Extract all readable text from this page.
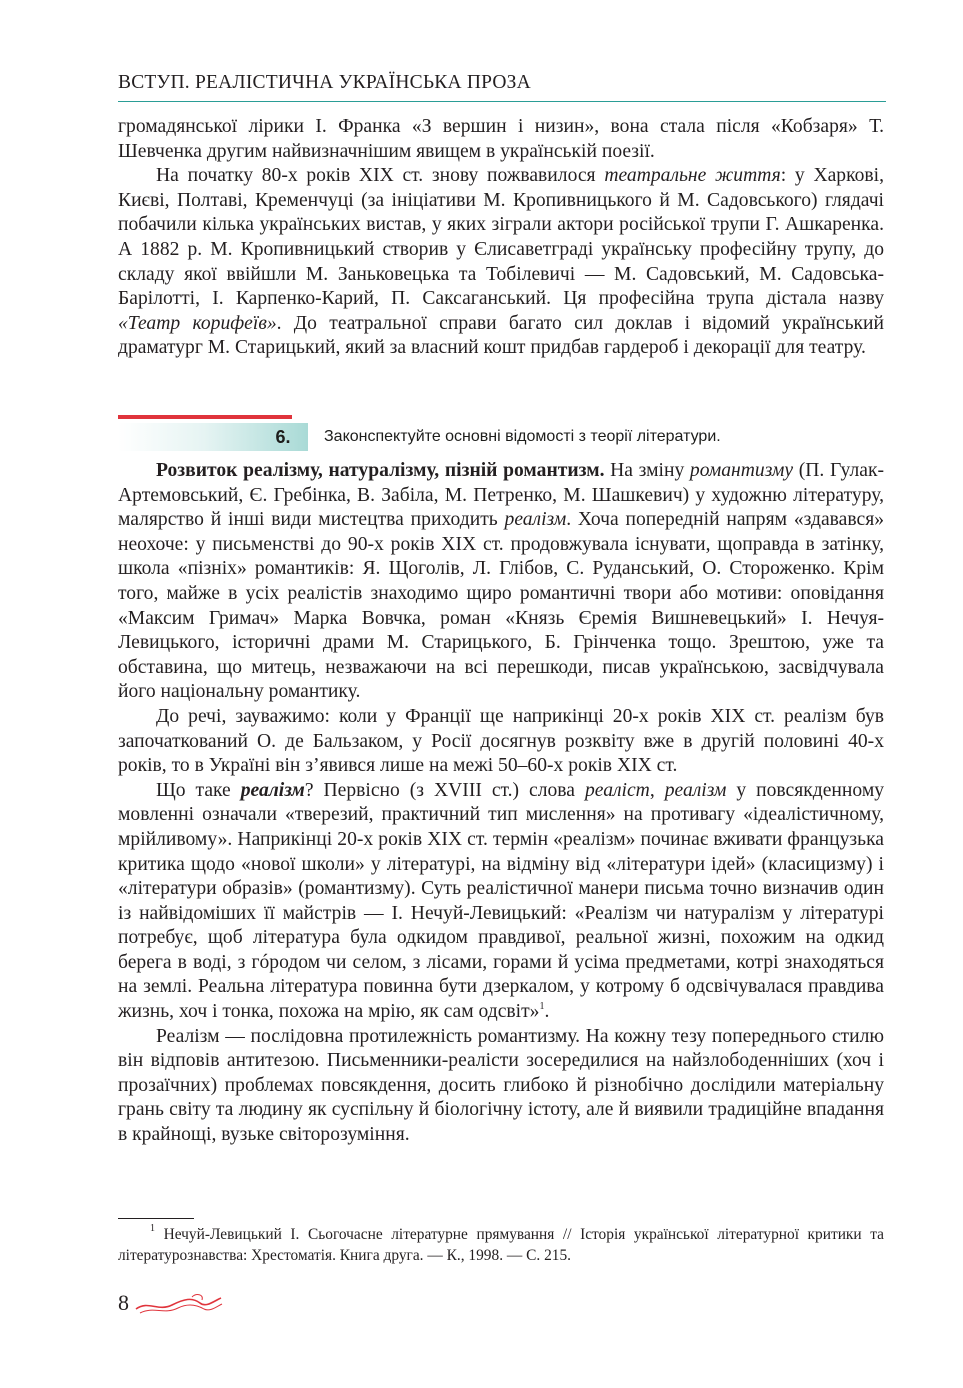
ВСТУП. РЕАЛІСТИЧНА УКРАЇНСЬКА ПРОЗА

громадянської лірики І. Франка «З вершин і низин», вона стала після «Кобзаря» Т. Шевченка другим найвизначнішим явищем в українській поезії.

На початку 80-х років ХІХ ст. знову пожвавилося театральне життя: у Харкові, Києві, Полтаві, Кременчуці (за ініціативи М. Кропивницького й М. Садовського) глядачі побачили кілька українських вистав, у яких зіграли актори російської трупи Г. Ашкаренка. А 1882 р. М. Кропивницький створив у Єлисаветграді українську професійну трупу, до складу якої ввійшли М. Заньковецька та Тобілевичі — М. Садовський, М. Садовська-Барілотті, І. Карпенко-Карий, П. Саксаганський. Ця професійна трупа дістала назву «Театр корифеїв». До театральної справи багато сил доклав і відомий український драматург М. Старицький, який за власний кошт придбав гардероб і декорації для театру.

6.	Законспектуйте основні відомості з теорії літератури.

Розвиток реалізму, натуралізму, пізній романтизм. На зміну романтизму (П. Гулак-Артемовський, Є. Гребінка, В. Забіла, М. Петренко, М. Шашкевич) у художню літературу, малярство й інші види мистецтва приходить реалізм. Хоча попередній напрям «здавався» неохоче: у письменстві до 90-х років ХІХ ст. продовжувала існувати, щоправда в затінку, школа «пізніх» романтиків: Я. Щоголів, Л. Глібов, С. Руданський, О. Стороженко. Крім того, майже в усіх реалістів знаходимо щиро романтичні твори або мотиви: оповідання «Максим Гримач» Марка Вовчка, роман «Князь Єремія Вишневецький» І. Нечуя-Левицького, історичні драми М. Старицького, Б. Грінченка тощо. Зрештою, уже та обставина, що митець, незважаючи на всі перешкоди, писав українською, засвідчувала його національну романтику.

До речі, зауважимо: коли у Франції ще наприкінці 20-х років ХІХ ст. реалізм був започаткований О. де Бальзаком, у Росії досягнув розквіту вже в другій половині 40-х років, то в Україні він з’явився лише на межі 50–60-х років ХІХ ст.

Що таке реалізм? Первісно (з XVIII ст.) слова реаліст, реалізм у повсякденному мовленні означали «тверезий, практичний тип мислення» на противагу «ідеалістичному, мрійливому». Наприкінці 20-х років ХІХ ст. термін «реалізм» починає вживати французька критика щодо «нової школи» у літературі, на відміну від «літератури ідей» (класицизму) і «літератури образів» (романтизму). Суть реалістичної манери письма точно визначив один із найвідоміших її майстрів — І. Нечуй-Левицький: «Реалізм чи натуралізм у літературі потребує, щоб література була одкидом правдивої, реальної жизні, похожим на одкид берега в воді, з гóродом чи селом, з лісами, горами й усіма предметами, котрі знаходяться на землі. Реальна література повинна бути дзеркалом, у котрому б одсвічувалася правдива жизнь, хоч і тонка, похожа на мрію, як сам одсвіт»$^1$.

Реалізм — послідовна протилежність романтизму. На кожну тезу попереднього стилю він відповів антитезою. Письменники-реалісти зосередилися на найзлободенніших (хоч і прозаїчних) проблемах повсякдення, досить глибоко й різнобічно дослідили матеріальну грань світу та людину як суспільну й біологічну істоту, але й виявили традиційне впадання в крайнощі, вузьке світорозуміння.

$^1$ Нечуй-Левицький І. Сьогочасне літературне прямування // Історія української літературної критики та літературознавства: Хрестоматія. Книга друга. — К., 1998. — С. 215.

8
